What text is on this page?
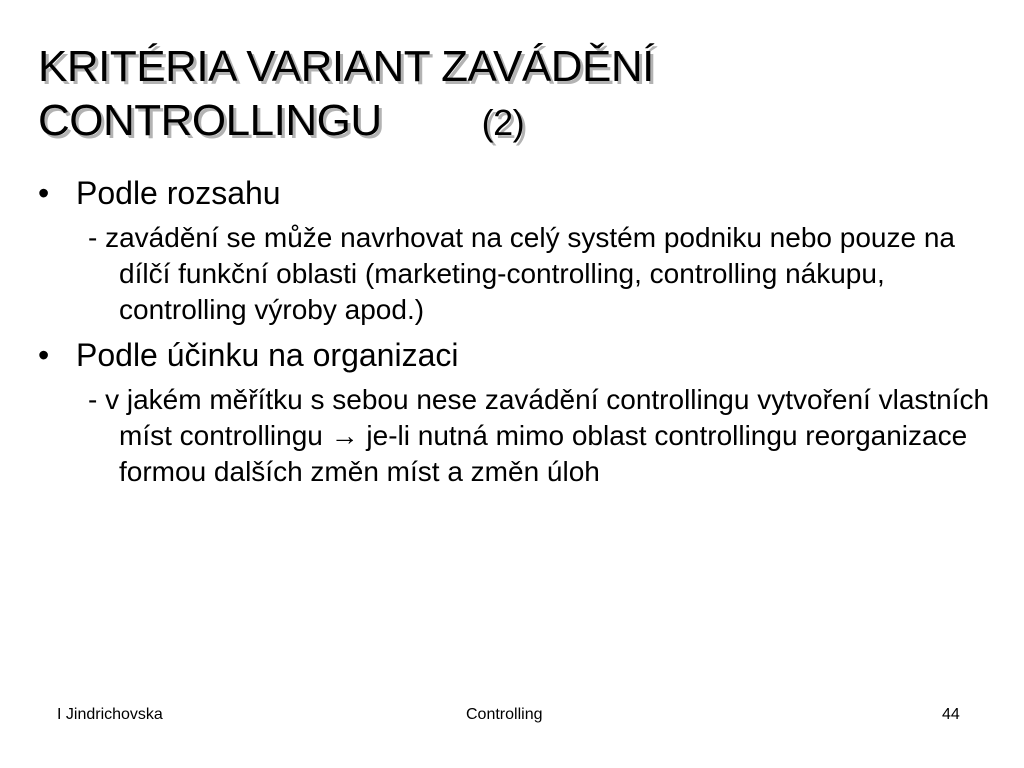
KRITÉRIA VARIANT ZAVÁDĚNÍ
CONTROLLINGU	(2)

• Podle rozsahu

- zavádění se může navrhovat na celý systém podniku nebo pouze na dílčí funkční oblasti (marketing-controlling, controlling nákupu, controlling výroby apod.)

• Podle účinku na organizaci

- v jakém měřítku s sebou nese zavádění controllingu vytvoření vlastních míst controllingu → je-li nutná mimo oblast controllingu reorganizace formou dalších změn míst a změn úloh

I Jindrichovska	Controlling	44
